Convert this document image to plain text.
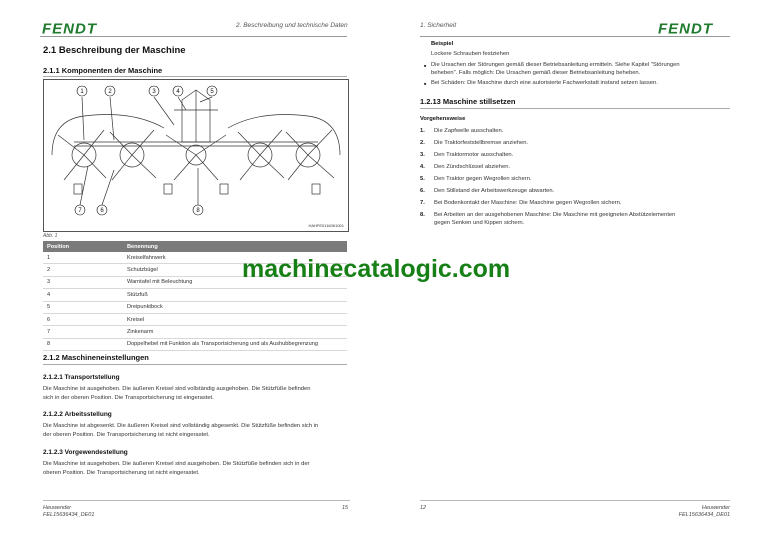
FENDT	2. Beschreibung und technische Daten
2.1 Beschreibung der Maschine
2.1.1 Komponenten der Maschine
1	2	3	4	5
7	6	8
HAHFE0116061001
Abb. 1
Position	Benennung
1	Kreiselfahrwerk
2	Schutzbügel
3	Warntafel mit Beleuchtung
4	Stützfuß
5	Dreipunktbock
6	Kreisel
7	Zinkenarm
8	Doppelhebel mit Funktion als Transportsicherung und als Aushubbegrenzung
2.1.2 Maschineneinstellungen
2.1.2.1 Transportstellung
Die Maschine ist ausgehoben. Die äußeren Kreisel sind vollständig ausgehoben. Die Stützfüße befinden
sich in der oberen Position. Die Transportsicherung ist eingerastet.
2.1.2.2 Arbeitsstellung
Die Maschine ist abgesenkt. Die äußeren Kreisel sind vollständig abgesenkt. Die Stützfüße befinden sich in
der oberen Position. Die Transportsicherung ist nicht eingerastet.
2.1.2.3 Vorgewendestellung
Die Maschine ist ausgehoben. Die äußeren Kreisel sind ausgehoben. Die Stützfüße befinden sich in der
oberen Position. Die Transportsicherung ist nicht eingerastet.
Heuwender
FEL15636434_DE01
15
1. Sicherheit	FENDT
Beispiel
Lockere Schrauben festziehen
■ Die Ursachen der Störungen gemäß dieser Betriebsanleitung ermitteln. Siehe Kapitel "Störungen
beheben". Falls möglich: Die Ursachen gemäß dieser Betriebsanleitung beheben.
■ Bei Schäden: Die Maschine durch eine autorisierte Fachwerkstatt instand setzen lassen.
1.2.13 Maschine stillsetzen
Vorgehensweise
1. Die Zapfwelle ausschalten.
2. Die Traktorfeststellbremse anziehen.
3. Den Traktormotor ausschalten.
4. Den Zündschlüssel abziehen.
5. Den Traktor gegen Wegrollen sichern.
6. Den Stillstand der Arbeitswerkzeuge abwarten.
7. Bei Bodenkontakt der Maschine: Die Maschine gegen Wegrollen sichern.
8. Bei Arbeiten an der ausgehobenen Maschine: Die Maschine mit geeigneten Abstützelementen
gegen Senken und Kippen sichern.
12	Heuwender
FEL15636434_DE01
machinecatalogic.com
